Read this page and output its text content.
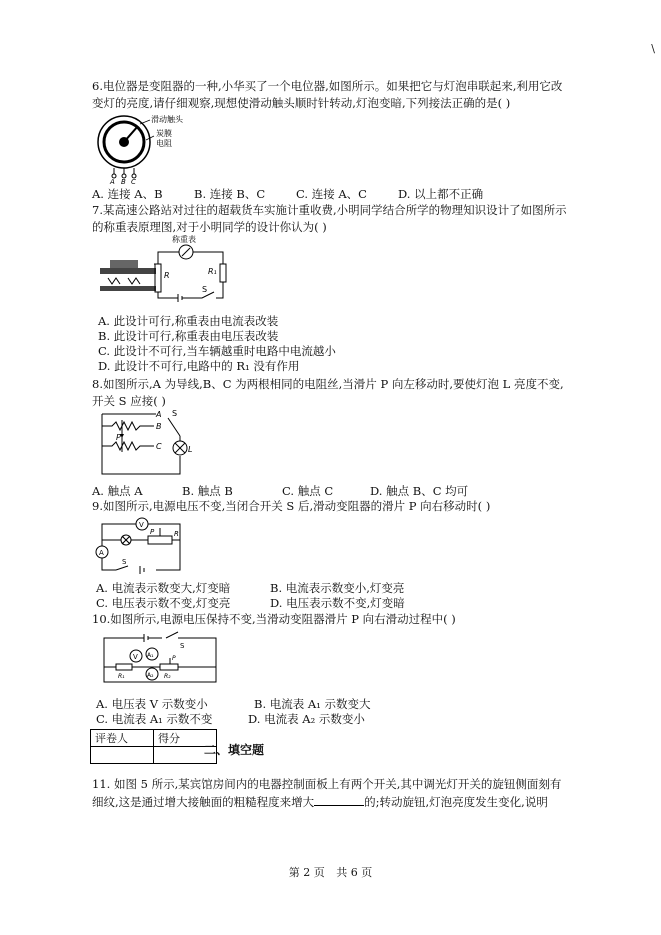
\
6.电位器是变阻器的一种,小华买了一个电位器,如图所示。如果把它与灯泡串联起来,利用它改变灯的亮度,请仔细观察,现想使滑动触头顺时针转动,灯泡变暗,下列接法正确的是( )
滑动触头
炭膜
电阻
A B C
A. 连接 A、B	B. 连接 B、C	C. 连接 A、C	D. 以上都不正确
7.某高速公路站对过往的超载货车实施计重收费,小明同学结合所学的物理知识设计了如图所示的称重表原理图,对于小明同学的设计你认为( )
称重表
R	R₁
S
A. 此设计可行,称重表由电流表改装
B. 此设计可行,称重表由电压表改装
C. 此设计不可行,当车辆越重时电路中电流越小
D. 此设计不可行,电路中的 R₁ 没有作用
8.如图所示,A 为导线,B、C 为两根相同的电阻丝,当滑片 P 向左移动时,要使灯泡 L 亮度不变,开关 S 应接( )
P
A
B
C
S
L
A. 触点 A	B. 触点 B	C. 触点 C	D. 触点 B、C 均可
9.如图所示,电源电压不变,当闭合开关 S 后,滑动变阻器的滑片 P 向右移动时( )
V
A
P	R
S
A. 电流表示数变大,灯变暗	B. 电流表示数变小,灯变亮
C. 电压表示数不变,灯变亮	D. 电压表示数不变,灯变暗
10.如图所示,电源电压保持不变,当滑动变阻器滑片 P 向右滑动过程中( )
S
V A₁
A₂
R₁	R₂
P
A. 电压表 V 示数变小	B. 电流表 A₁ 示数变大
C. 电流表 A₁ 示数不变	D. 电流表 A₂ 示数变小
评卷人	得分

二、填空题
11. 如图 5 所示,某宾馆房间内的电器控制面板上有两个开关,其中调光灯开关的旋钮侧面刻有细纹,这是通过增大接触面的粗糙程度来增大	的;转动旋钮,灯泡亮度发生变化,说明
第 2 页 共 6 页
